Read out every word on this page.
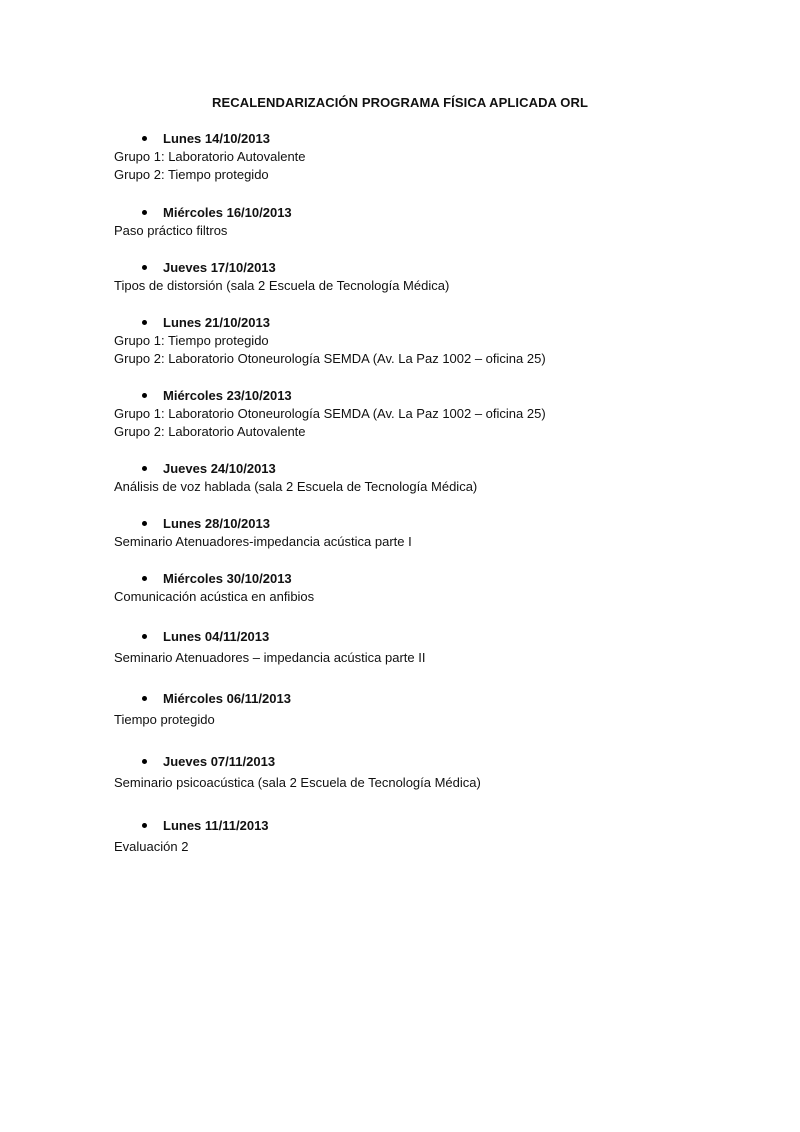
RECALENDARIZACIÓN PROGRAMA FÍSICA APLICADA ORL
Lunes 14/10/2013
Grupo 1: Laboratorio Autovalente
Grupo 2: Tiempo protegido
Miércoles 16/10/2013
Paso práctico filtros
Jueves 17/10/2013
Tipos de distorsión (sala 2 Escuela de Tecnología Médica)
Lunes 21/10/2013
Grupo 1: Tiempo protegido
Grupo 2: Laboratorio Otoneurología SEMDA (Av. La Paz 1002 – oficina 25)
Miércoles 23/10/2013
Grupo 1: Laboratorio Otoneurología SEMDA (Av. La Paz 1002 – oficina 25)
Grupo 2: Laboratorio Autovalente
Jueves 24/10/2013
Análisis de voz hablada (sala 2 Escuela de Tecnología Médica)
Lunes 28/10/2013
Seminario Atenuadores-impedancia acústica parte I
Miércoles 30/10/2013
Comunicación acústica en anfibios
Lunes 04/11/2013
Seminario Atenuadores – impedancia acústica parte II
Miércoles 06/11/2013
Tiempo protegido
Jueves 07/11/2013
Seminario psicoacústica (sala 2 Escuela de Tecnología Médica)
Lunes 11/11/2013
Evaluación 2
